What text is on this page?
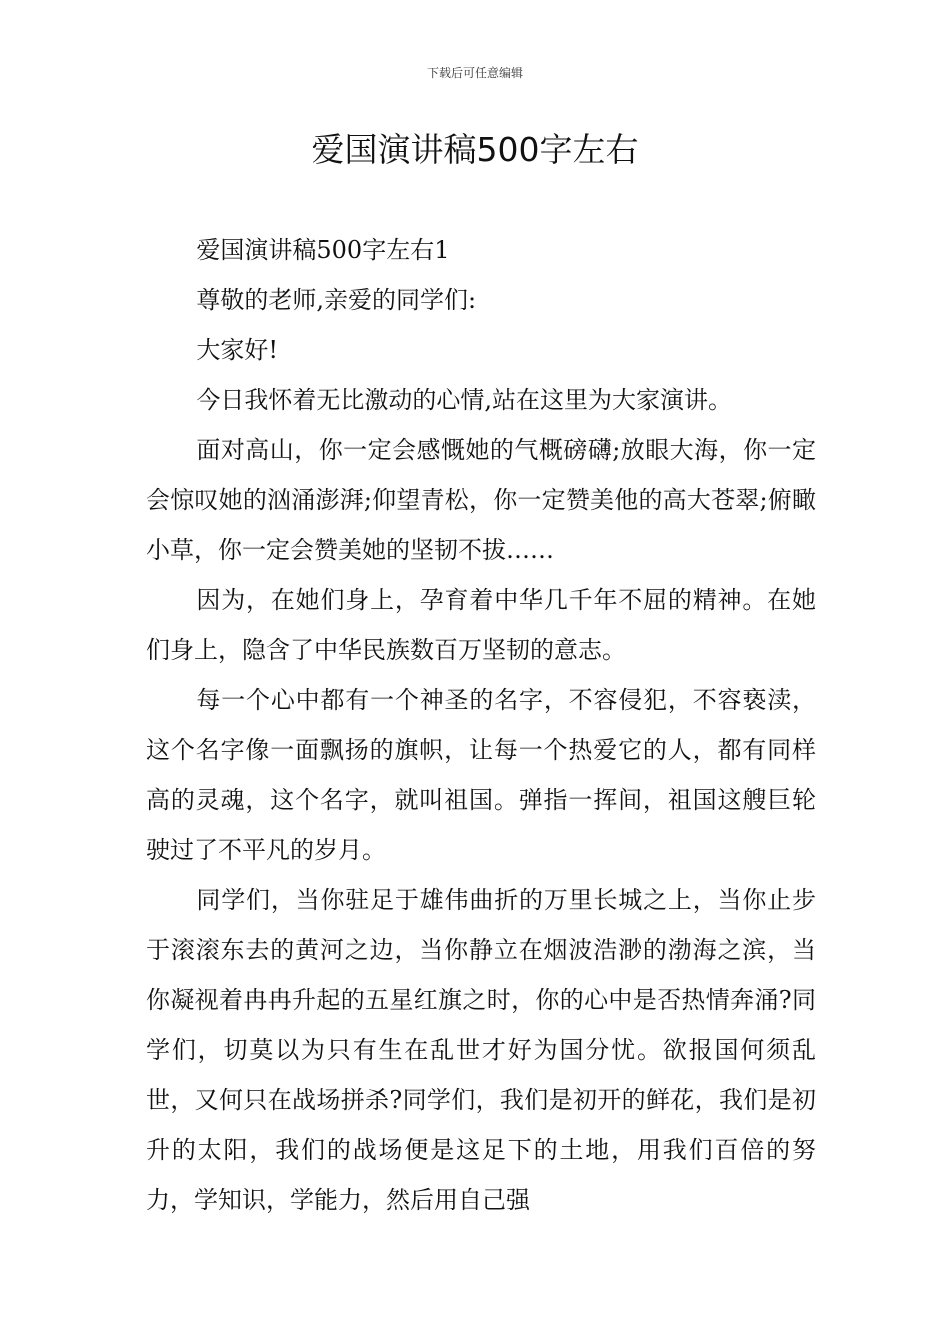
下载后可任意编辑
爱国演讲稿500字左右

爱国演讲稿500字左右1

尊敬的老师,亲爱的同学们:

大家好!

今日我怀着无比激动的心情,站在这里为大家演讲。

面对高山，你一定会感慨她的气概磅礴;放眼大海，你一定会惊叹她的汹涌澎湃;仰望青松，你一定赞美他的高大苍翠;俯瞰小草，你一定会赞美她的坚韧不拔……

因为，在她们身上，孕育着中华几千年不屈的精神。在她们身上，隐含了中华民族数百万坚韧的意志。

每一个心中都有一个神圣的名字，不容侵犯，不容亵渎，这个名字像一面飘扬的旗帜，让每一个热爱它的人，都有同样高的灵魂，这个名字，就叫祖国。弹指一挥间，祖国这艘巨轮驶过了不平凡的岁月。

同学们，当你驻足于雄伟曲折的万里长城之上，当你止步于滚滚东去的黄河之边，当你静立在烟波浩渺的渤海之滨，当你凝视着冉冉升起的五星红旗之时，你的心中是否热情奔涌?同学们，切莫以为只有生在乱世才好为国分忧。欲报国何须乱世，又何只在战场拼杀?同学们，我们是初开的鲜花，我们是初升的太阳，我们的战场便是这足下的土地，用我们百倍的努力，学知识，学能力，然后用自己强
